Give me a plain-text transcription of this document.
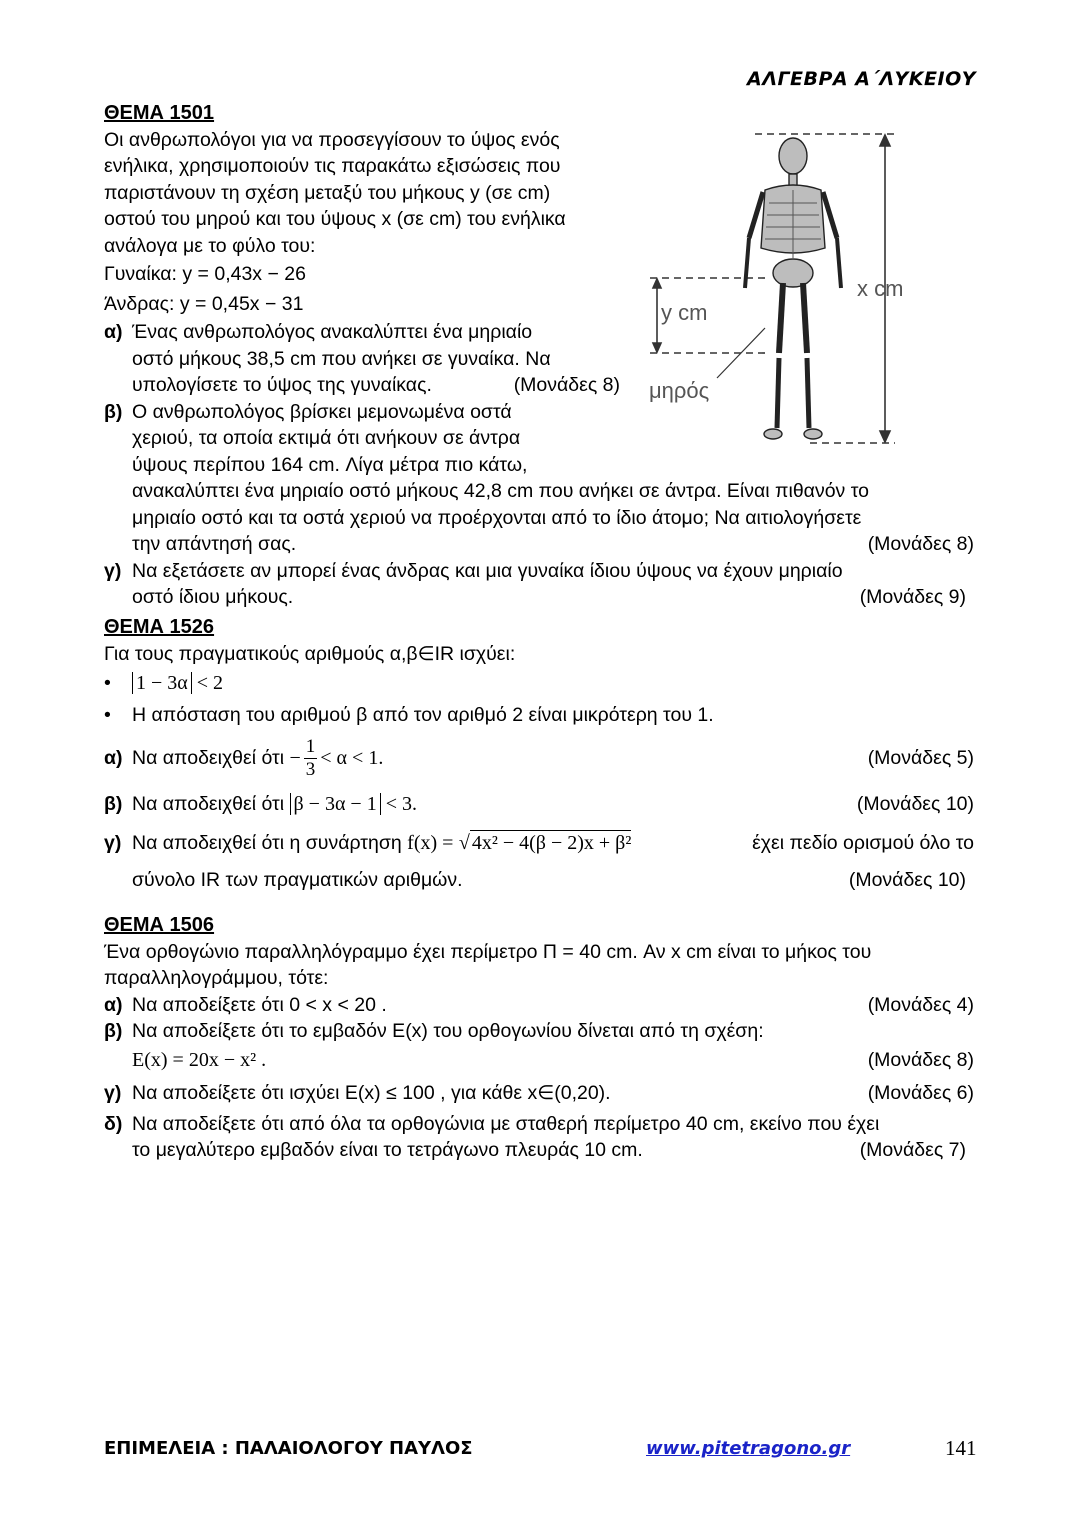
ΑΛΓΕΒΡΑ Α΄ΛΥΚΕΙΟΥ
ΘΕΜΑ 1501
Οι ανθρωπολόγοι για να προσεγγίσουν το ύψος ενός
ενήλικα, χρησιμοποιούν τις παρακάτω εξισώσεις που
παριστάνουν τη σχέση μεταξύ του μήκους y (σε cm)
οστού του μηρού και του ύψους x (σε cm) του ενήλικα
ανάλογα με το φύλο του:
Γυναίκα: y = 0,43x − 26
Άνδρας: y = 0,45x − 31
α) Ένας ανθρωπολόγος ανακαλύπτει ένα μηριαίο
οστό μήκους 38,5 cm που ανήκει σε γυναίκα. Να
υπολογίσετε το ύψος της γυναίκας.	(Μονάδες 8)
β) Ο ανθρωπολόγος βρίσκει μεμονωμένα οστά
χεριού, τα οποία εκτιμά ότι ανήκουν σε άντρα
ύψους περίπου 164 cm. Λίγα μέτρα πιο κάτω,
ανακαλύπτει ένα μηριαίο οστό μήκους 42,8 cm που ανήκει σε άντρα. Είναι πιθανόν το
μηριαίο οστό και τα οστά χεριού να προέρχονται από το ίδιο άτομο; Να αιτιολογήσετε
την απάντησή σας.	(Μονάδες 8)
γ) Να εξετάσετε αν μπορεί ένας άνδρας και μια γυναίκα ίδιου ύψους να έχουν μηριαίο
οστό ίδιου μήκους.	(Μονάδες 9)
x cm
y cm
μηρός
ΘΕΜΑ 1526
Για τους πραγματικούς αριθμούς α,β∈IR ισχύει:
• 1 − 3α < 2
• Η απόσταση του αριθμού β από τον αριθμό 2 είναι μικρότερη του 1.
α) Να αποδειχθεί $ό\tau\iota - \frac{1}{3} < \alpha < 1$.	(Μονάδες 5)
β) Να αποδειχθεί ότι β − 3α − 1 < 3.	(Μονάδες 10)
γ) Να αποδειχθεί ότι η συνάρτηση f(x) = √ 4x² − 4(β − 2)x + β²	έχει πεδίο ορισμού όλο το
σύνολο IR των πραγματικών αριθμών.	(Μονάδες 10)
ΘΕΜΑ 1506
Ένα ορθογώνιο παραλληλόγραμμο έχει περίμετρο Π = 40 cm. Αν x cm είναι το μήκος του
παραλληλογράμμου, τότε:
α) Να αποδείξετε ότι 0 < x < 20 .	(Μονάδες 4)
β) Να αποδείξετε ότι το εμβαδόν Ε(x) του ορθογωνίου δίνεται από τη σχέση:
Ε(x) = 20x − x² .	(Μονάδες 8)
γ) Να αποδείξετε ότι ισχύει Ε(x) ≤ 100 , για κάθε x∈(0,20).	(Μονάδες 6)
δ) Να αποδείξετε ότι από όλα τα ορθογώνια με σταθερή περίμετρο 40 cm, εκείνο που έχει
το μεγαλύτερο εμβαδόν είναι το τετράγωνο πλευράς 10 cm.	(Μονάδες 7)
ΕΠΙΜΕΛΕΙΑ : ΠΑΛΑΙΟΛΟΓΟΥ ΠΑΥΛΟΣ	www.pitetragono.gr	141
